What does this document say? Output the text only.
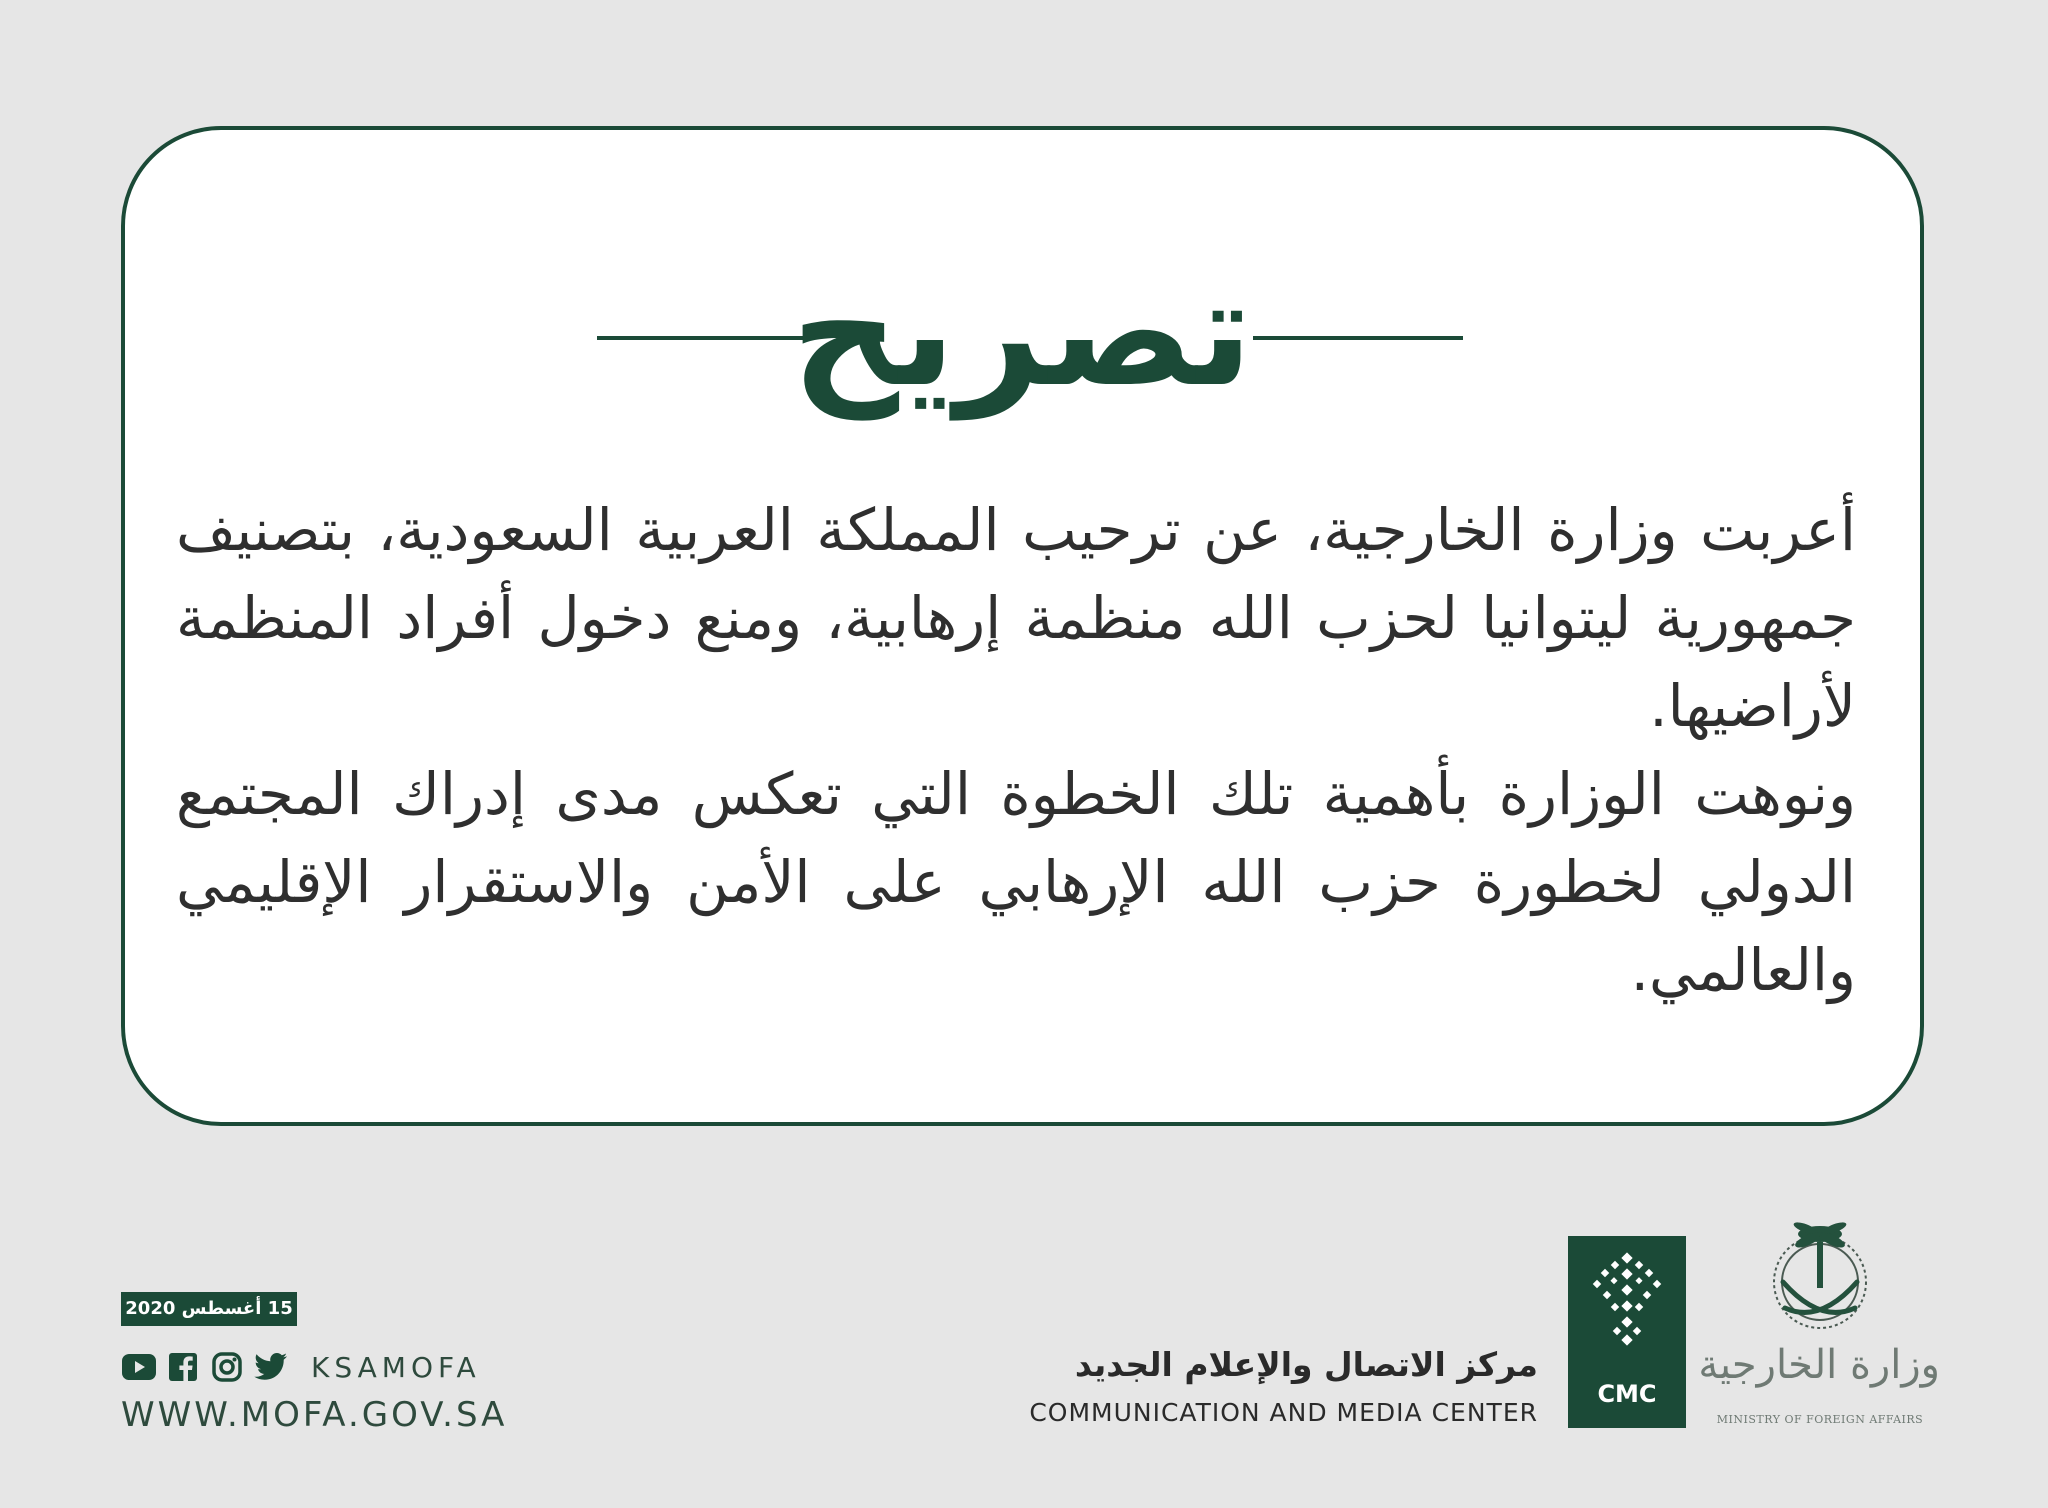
تصريح

أعربت وزارة الخارجية، عن ترحيب المملكة العربية السعودية، بتصنيف جمهورية ليتوانيا لحزب الله منظمة إرهابية، ومنع دخول أفراد المنظمة لأراضيها.

ونوهت الوزارة بأهمية تلك الخطوة التي تعكس مدى إدراك المجتمع الدولي لخطورة حزب الله الإرهابي على الأمن والاستقرار الإقليمي والعالمي.

15 أغسطس 2020
KSAMOFA
WWW.MOFA.GOV.SA
مركز الاتصال والإعلام الجديد
COMMUNICATION AND MEDIA CENTER
CMC
وزارة الخارجية
MINISTRY OF FOREIGN AFFAIRS
